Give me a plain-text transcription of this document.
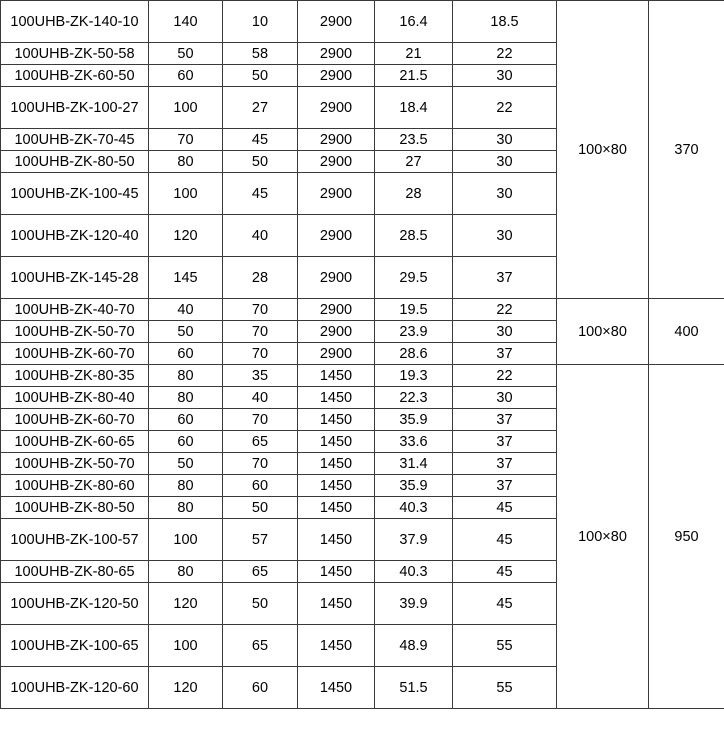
100UHB-ZK-140-10	140	10	2900	16.4	18.5	100×80	370
100UHB-ZK-50-58	50	58	2900	21	22		
100UHB-ZK-60-50	60	50	2900	21.5	30		
100UHB-ZK-100-27	100	27	2900	18.4	22		
100UHB-ZK-70-45	70	45	2900	23.5	30		
100UHB-ZK-80-50	80	50	2900	27	30		
100UHB-ZK-100-45	100	45	2900	28	30		
100UHB-ZK-120-40	120	40	2900	28.5	30		
100UHB-ZK-145-28	145	28	2900	29.5	37		
100UHB-ZK-40-70	40	70	2900	19.5	22	100×80	400
100UHB-ZK-50-70	50	70	2900	23.9	30		
100UHB-ZK-60-70	60	70	2900	28.6	37		
100UHB-ZK-80-35	80	35	1450	19.3	22	100×80	950
100UHB-ZK-80-40	80	40	1450	22.3	30		
100UHB-ZK-60-70	60	70	1450	35.9	37		
100UHB-ZK-60-65	60	65	1450	33.6	37		
100UHB-ZK-50-70	50	70	1450	31.4	37		
100UHB-ZK-80-60	80	60	1450	35.9	37		
100UHB-ZK-80-50	80	50	1450	40.3	45		
100UHB-ZK-100-57	100	57	1450	37.9	45		
100UHB-ZK-80-65	80	65	1450	40.3	45		
100UHB-ZK-120-50	120	50	1450	39.9	45		
100UHB-ZK-100-65	100	65	1450	48.9	55		
100UHB-ZK-120-60	120	60	1450	51.5	55		
